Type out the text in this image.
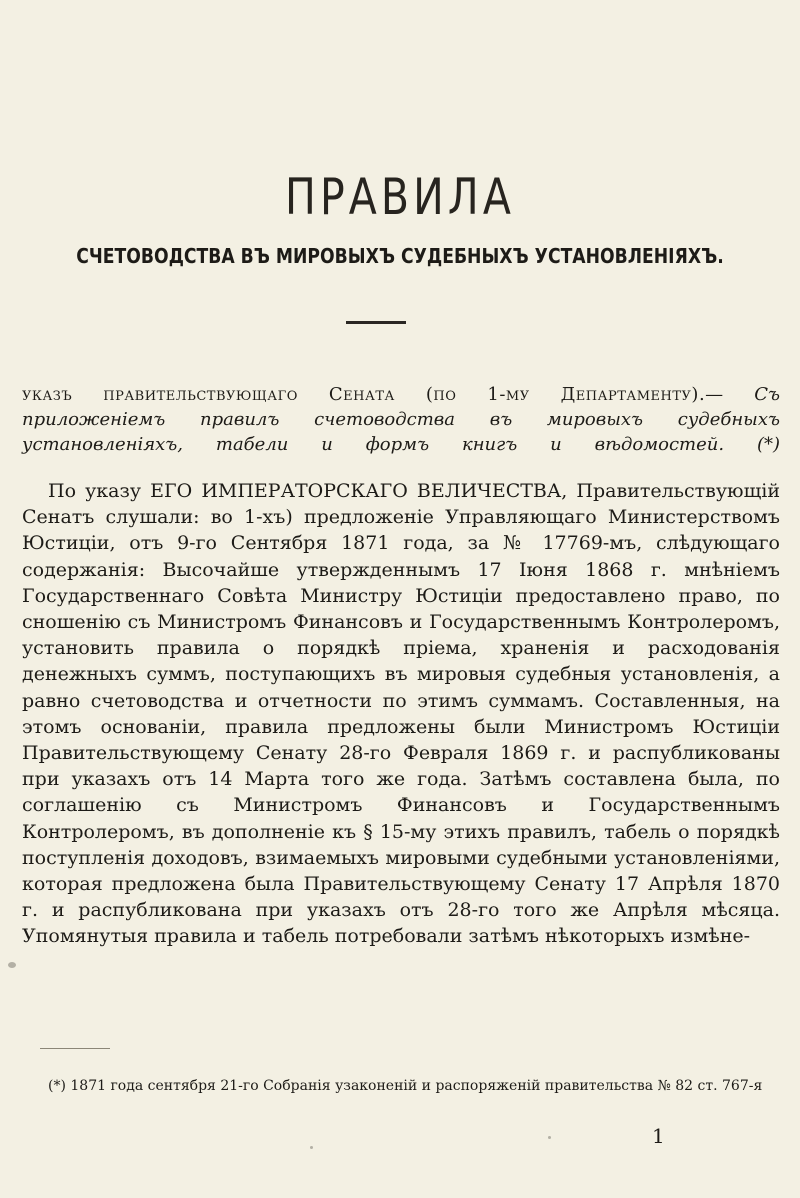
ПРАВИЛА
СЧЕТОВОДСТВА ВЪ МИРОВЫХЪ СУДЕБНЫХЪ УСТАНОВЛЕНІЯХЪ.
указъ правительствующаго Сената (по 1-му Департаменту).— Съ приложеніемъ правилъ счетоводства въ мировыхъ судебныхъ установленіяхъ, табели и формъ книгъ и вѣдомостей. (*)

По указу ЕГО ИМПЕРАТОРСКАГО ВЕЛИЧЕСТВА, Правительствующій Сенатъ слушали: во 1-хъ) предложеніе Управляющаго Министерствомъ Юстиціи, отъ 9-го Сентября 1871 года, за № 17769-мъ, слѣдующаго содержанія: Высочайше утвержденнымъ 17 Іюня 1868 г. мнѣніемъ Государственнаго Совѣта Министру Юстиціи предоставлено право, по сношенію съ Министромъ Финансовъ и Государственнымъ Контролеромъ, установить правила о порядкѣ пріема, храненія и расходованія денежныхъ суммъ, поступающихъ въ мировыя судебныя установленія, а равно счетоводства и отчетности по этимъ суммамъ. Составленныя, на этомъ основаніи, правила предложены были Министромъ Юстиціи Правительствующему Сенату 28-го Февраля 1869 г. и распубликованы при указахъ отъ 14 Марта того же года. Затѣмъ составлена была, по соглашенію съ Министромъ Финансовъ и Государственнымъ Контролеромъ, въ дополненіе къ § 15-му этихъ правилъ, табель о порядкѣ поступленія доходовъ, взимаемыхъ мировыми судебными установленіями, которая предложена была Правительствующему Сенату 17 Апрѣля 1870 г. и распубликована при указахъ отъ 28-го того же Апрѣля мѣсяца. Упомянутыя правила и табель потребовали затѣмъ нѣкоторыхъ измѣне-

(*) 1871 года сентября 21-го Собранія узаконеній и распоряженій правительства № 82 ст. 767-я
1
